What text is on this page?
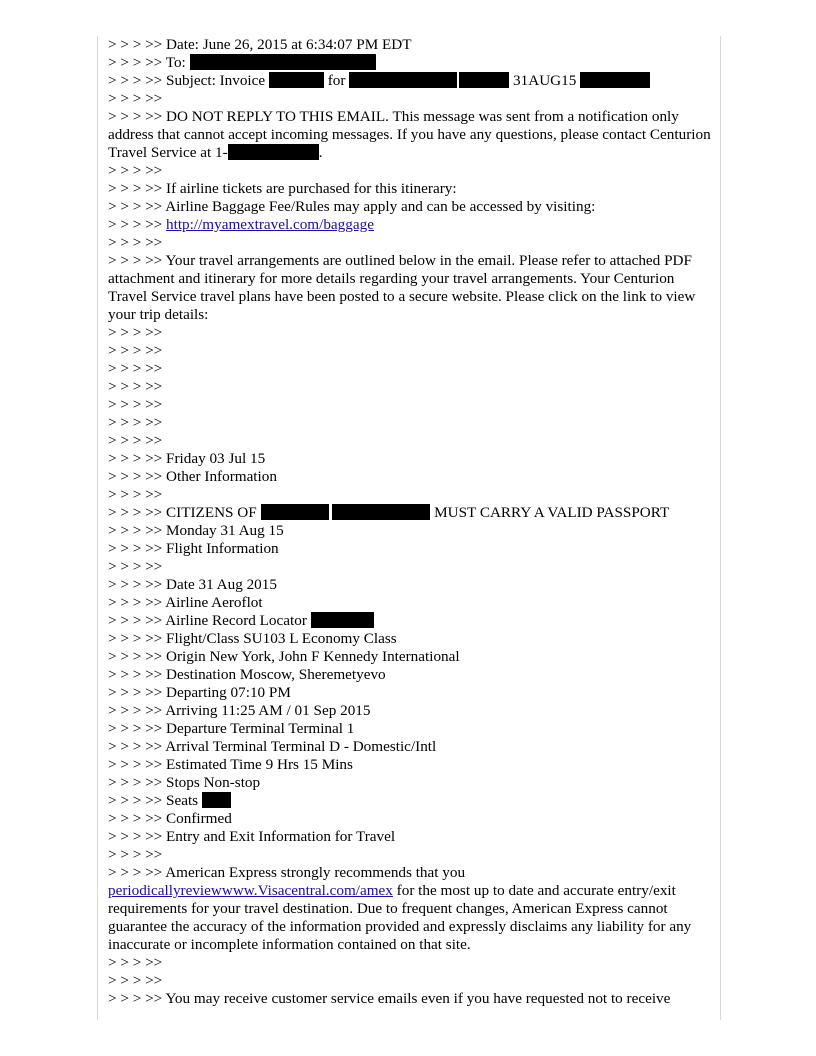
> > > >> Date: June 26, 2015 at 6:34:07 PM EDT
> > > >> To:
> > > >> Subject: Invoice	for	31AUG15
> > > >>
> > > >> DO NOT REPLY TO THIS EMAIL. This message was sent from a notification only address that cannot accept incoming messages. If you have any questions, please contact Centurion Travel Service at 1-	.
> > > >>
> > > >> If airline tickets are purchased for this itinerary:
> > > >> Airline Baggage Fee/Rules may apply and can be accessed by visiting:
> > > >> http://myamextravel.com/baggage
> > > >>
> > > >> Your travel arrangements are outlined below in the email. Please refer to attached PDF attachment and itinerary for more details regarding your travel arrangements. Your Centurion Travel Service travel plans have been posted to a secure website. Please click on the link to view your trip details:
> > > >>
> > > >>
> > > >>
> > > >>
> > > >>
> > > >>
> > > >>
> > > >> Friday 03 Jul 15
> > > >> Other Information
> > > >>
> > > >> CITIZENS OF	MUST CARRY A VALID PASSPORT
> > > >> Monday 31 Aug 15
> > > >> Flight Information
> > > >>
> > > >> Date 31 Aug 2015
> > > >> Airline Aeroflot
> > > >> Airline Record Locator
> > > >> Flight/Class SU103 L Economy Class
> > > >> Origin New York, John F Kennedy International
> > > >> Destination Moscow, Sheremetyevo
> > > >> Departing 07:10 PM
> > > >> Arriving 11:25 AM / 01 Sep 2015
> > > >> Departure Terminal Terminal 1
> > > >> Arrival Terminal Terminal D - Domestic/Intl
> > > >> Estimated Time 9 Hrs 15 Mins
> > > >> Stops Non-stop
> > > >> Seats
> > > >> Confirmed
> > > >> Entry and Exit Information for Travel
> > > >>
> > > >> American Express strongly recommends that you periodicallyreviewwww.Visacentral.com/amex for the most up to date and accurate entry/exit requirements for your travel destination. Due to frequent changes, American Express cannot guarantee the accuracy of the information provided and expressly disclaims any liability for any inaccurate or incomplete information contained on that site.
> > > >>
> > > >>
> > > >> You may receive customer service emails even if you have requested not to receive
